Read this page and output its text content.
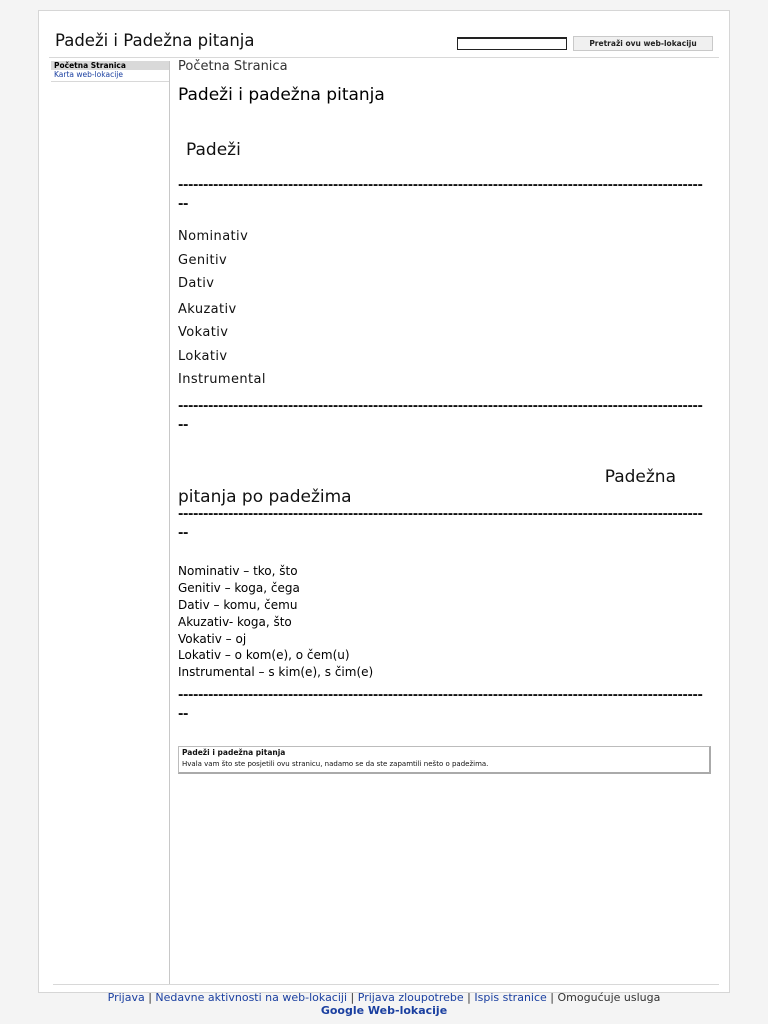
Padeži i Padežna pitanja	Pretraži ovu web-lokaciju
Početna Stranica
Karta web-lokacije
Početna Stranica
Padeži i padežna pitanja
Padeži
-----------------------------------------------------------------------------------------------------------
Nominativ
Genitiv
Dativ
Akuzativ
Vokativ
Lokativ
Instrumental
-----------------------------------------------------------------------------------------------------------
Padežna
pitanja po padežima
-----------------------------------------------------------------------------------------------------------
Nominativ – tko, što
Genitiv – koga, čega
Dativ – komu, čemu
Akuzativ- koga, što
Vokativ – oj
Lokativ – o kom(e), o čem(u)
Instrumental – s kim(e), s čim(e)
-----------------------------------------------------------------------------------------------------------
Padeži i padežna pitanja
Hvala vam što ste posjetili ovu stranicu, nadamo se da ste zapamtili nešto o padežima.
Prijava | Nedavne aktivnosti na web-lokaciji | Prijava zloupotrebe | Ispis stranice | Omogućuje usluga
Google Web-lokacije
